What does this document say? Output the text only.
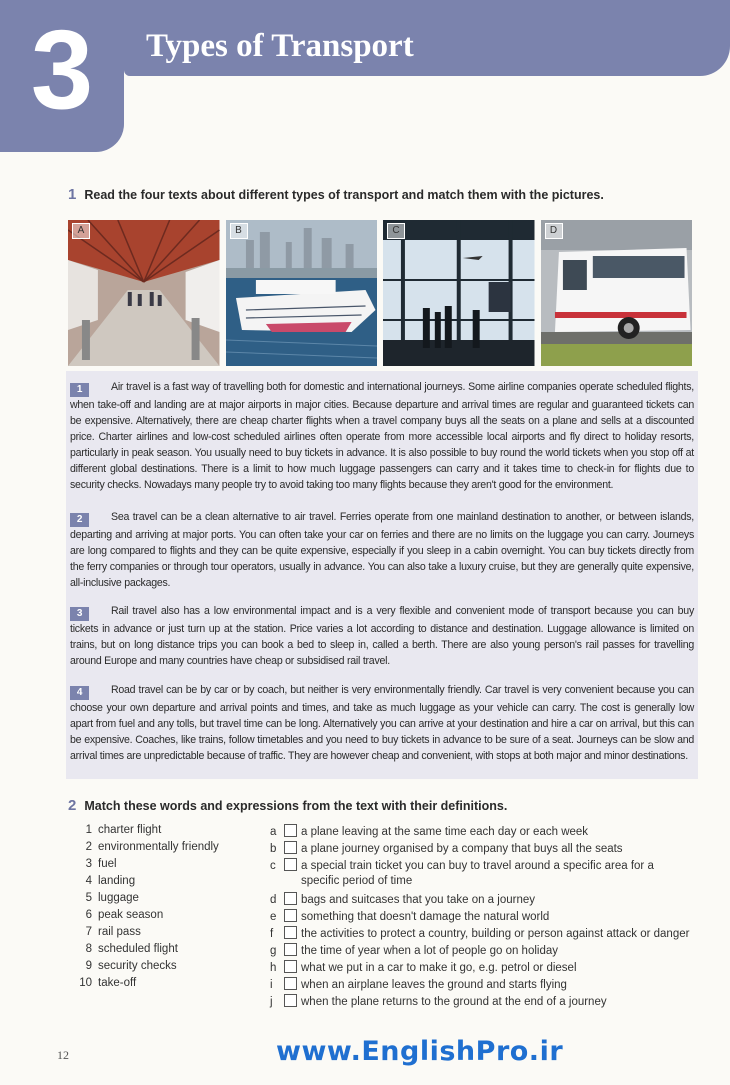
3	Types of Transport
1 Read the four texts about different types of transport and match them with the pictures.
A	B	C	D
1	Air travel is a fast way of travelling both for domestic and international journeys. Some airline companies operate scheduled flights, when take-off and landing are at major airports in major cities. Because departure and arrival times are regular and guaranteed tickets can be expensive. Alternatively, there are cheap charter flights when a travel company buys all the seats on a plane and sells at a discounted price. Charter airlines and low-cost scheduled airlines often operate from more accessible local airports and fly direct to holiday resorts, particularly in peak season. You usually need to buy tickets in advance. It is also possible to buy round the world tickets when you stop off at different global destinations. There is a limit to how much luggage passengers can carry and it takes time to check-in for flights due to security checks. Nowadays many people try to avoid taking too many flights because they aren't good for the environment.
2	Sea travel can be a clean alternative to air travel. Ferries operate from one mainland destination to another, or between islands, departing and arriving at major ports. You can often take your car on ferries and there are no limits on the luggage you can carry. Journeys are long compared to flights and they can be quite expensive, especially if you sleep in a cabin overnight. You can buy tickets directly from the ferry companies or through tour operators, usually in advance. You can also take a luxury cruise, but they are generally quite expensive, all-inclusive packages.
3	Rail travel also has a low environmental impact and is a very flexible and convenient mode of transport because you can buy tickets in advance or just turn up at the station. Price varies a lot according to distance and destination. Luggage allowance is limited on trains, but on long distance trips you can book a bed to sleep in, called a berth. There are also young person's rail passes for travelling around Europe and many countries have cheap or subsidised rail travel.
4	Road travel can be by car or by coach, but neither is very environmentally friendly. Car travel is very convenient because you can choose your own departure and arrival points and times, and take as much luggage as your vehicle can carry. The cost is generally low apart from fuel and any tolls, but travel time can be long. Alternatively you can arrive at your destination and hire a car on arrival, but this can be expensive. Coaches, like trains, follow timetables and you need to buy tickets in advance to be sure of a seat. Journeys can be slow and arrival times are unpredictable because of traffic. They are however cheap and convenient, with stops at both major and minor destinations.
2 Match these words and expressions from the text with their definitions.
1 charter flight
2 environmentally friendly
3 fuel
4 landing
5 luggage
6 peak season
7 rail pass
8 scheduled flight
9 security checks
10 take-off
a a plane leaving at the same time each day or each week
b a plane journey organised by a company that buys all the seats
c a special train ticket you can buy to travel around a specific area for a
specific period of time
d bags and suitcases that you take on a journey
e something that doesn't damage the natural world
f the activities to protect a country, building or person against attack or danger
g the time of year when a lot of people go on holiday
h what we put in a car to make it go, e.g. petrol or diesel
i when an airplane leaves the ground and starts flying
j when the plane returns to the ground at the end of a journey
12	www.EnglishPro.ir
